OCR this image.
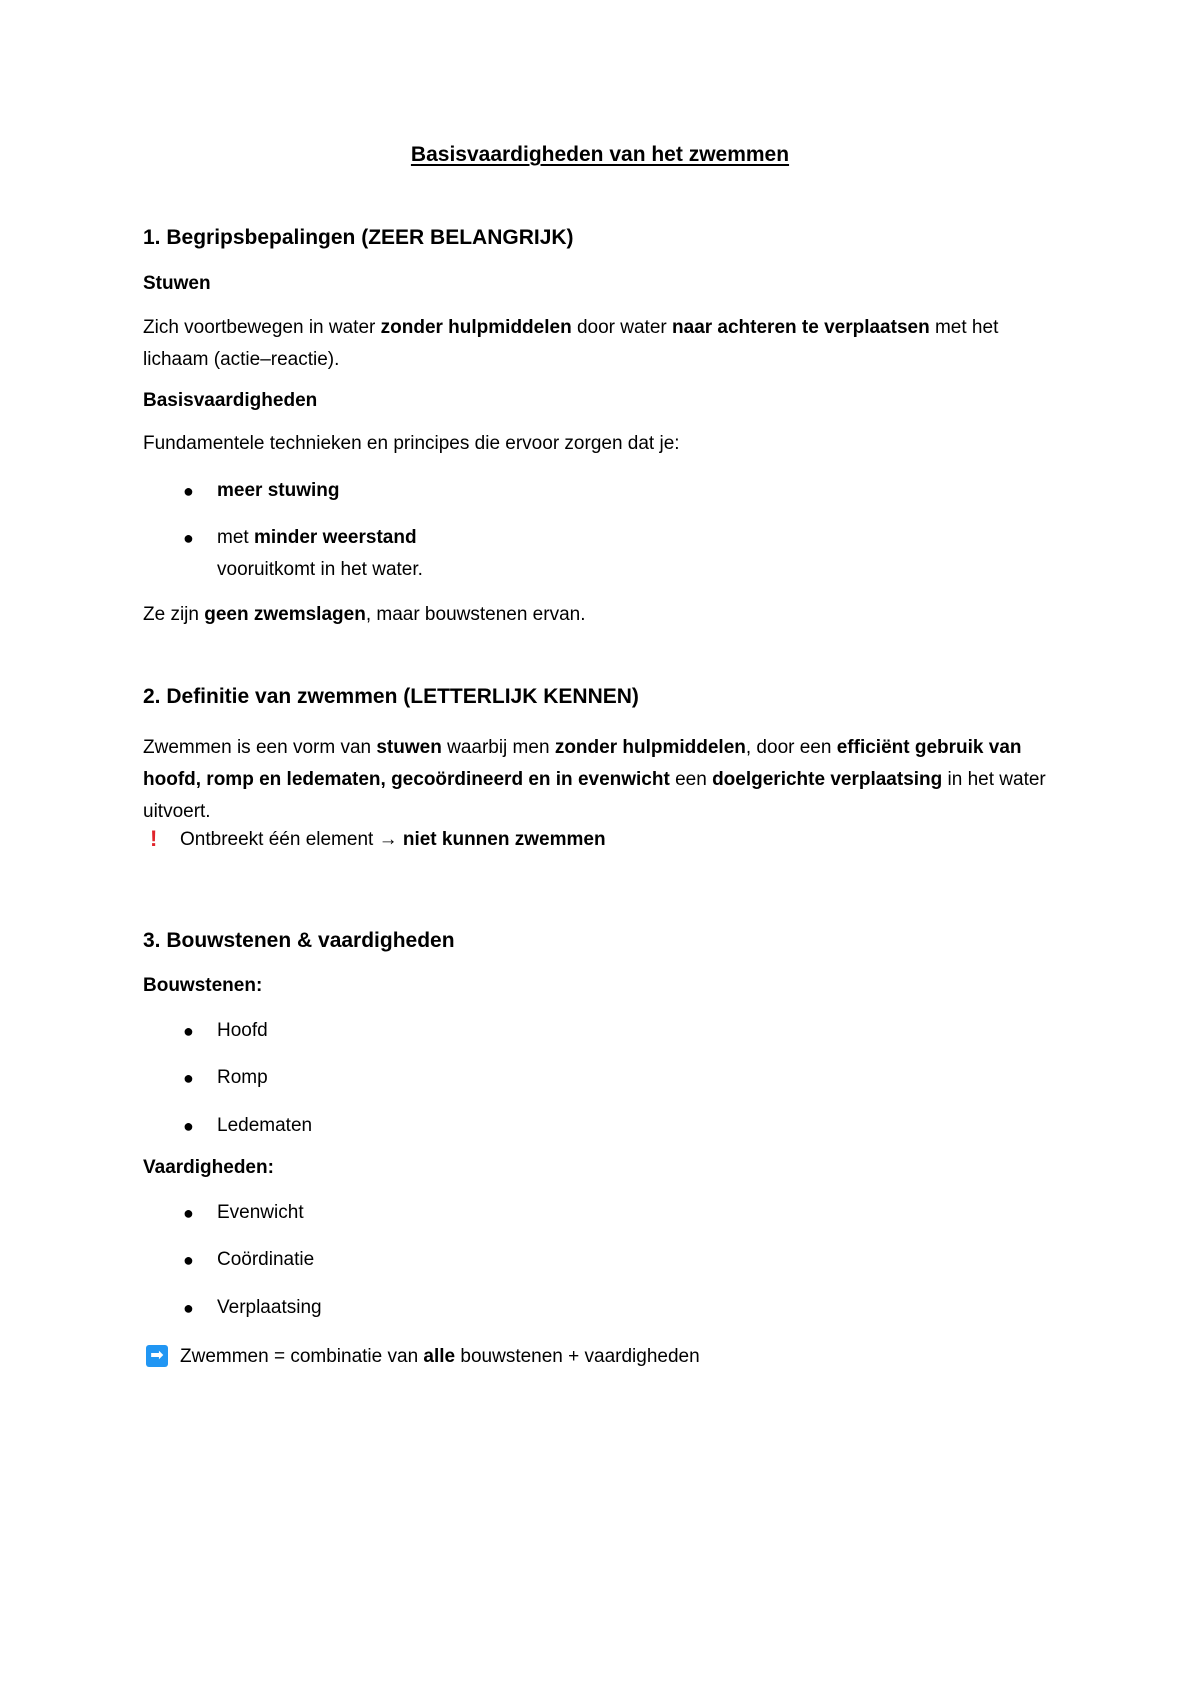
Basisvaardigheden van het zwemmen
1. Begripsbepalingen (ZEER BELANGRIJK)
Stuwen
Zich voortbewegen in water zonder hulpmiddelen door water naar achteren te verplaatsen met het lichaam (actie–reactie).
Basisvaardigheden
Fundamentele technieken en principes die ervoor zorgen dat je:
● meer stuwing
● met minder weerstand
vooruitkomt in het water.
Ze zijn geen zwemslagen, maar bouwstenen ervan.
2. Definitie van zwemmen (LETTERLIJK KENNEN)
Zwemmen is een vorm van stuwen waarbij men zonder hulpmiddelen, door een efficiënt gebruik van hoofd, romp en ledematen, gecoördineerd en in evenwicht een doelgerichte verplaatsing in het water uitvoert.
! Ontbreekt één element → niet kunnen zwemmen
3. Bouwstenen & vaardigheden
Bouwstenen:
● Hoofd
● Romp
● Ledematen
Vaardigheden:
● Evenwicht
● Coördinatie
● Verplaatsing
➡ Zwemmen = combinatie van alle bouwstenen + vaardigheden
